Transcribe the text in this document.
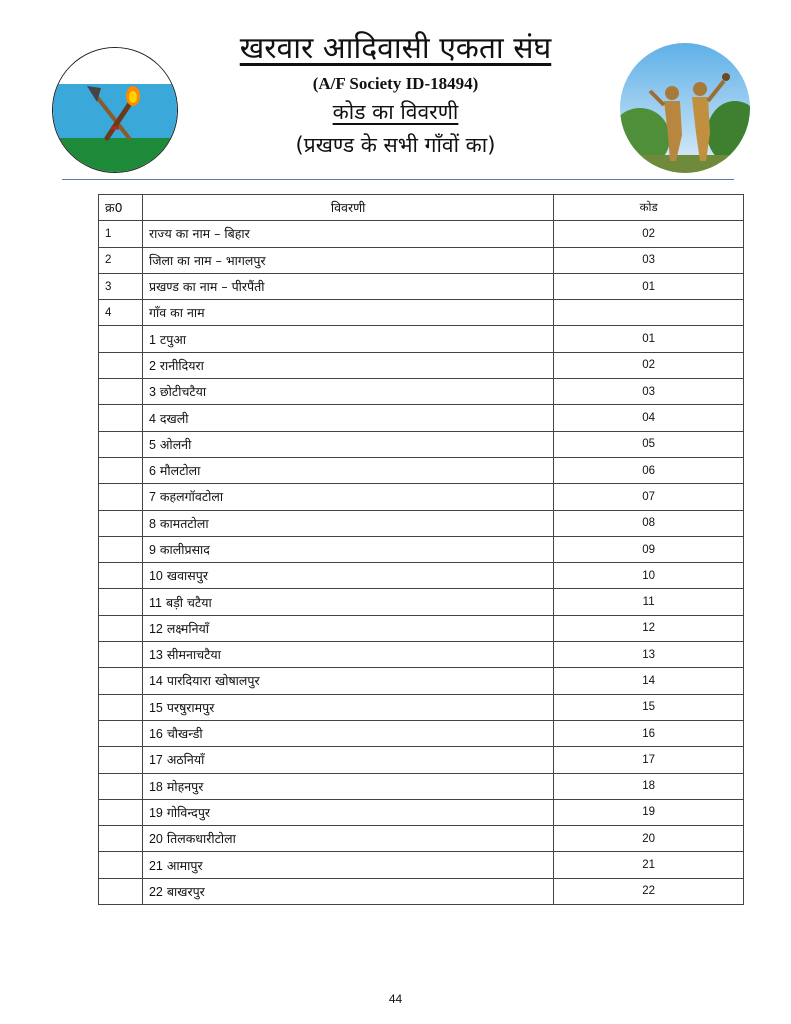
खरवार आदिवासी एकता संघ
(A/F Society ID-18494)
कोड का विवरणी
(प्रखण्ड के सभी गाँवों का)
क्र0	विवरणी	कोड
1	राज्य का नाम – बिहार	02
2	जिला का नाम – भागलपुर	03
3	प्रखण्ड का नाम – पीरपैंती	01
4	गाँव का नाम	
	1 टपुआ	01
	2 रानीदियरा	02
	3 छोटीचटैया	03
	4 दखली	04
	5 ओलनी	05
	6 मौलटोला	06
	7 कहलगॉवटोला	07
	8 कामतटोला	08
	9 कालीप्रसाद	09
	10 खवासपुर	10
	11 बड़ी चटैया	11
	12 लक्ष्मनियाँ	12
	13 सीमनाचटैया	13
	14 पारदियारा खोषालपुर	14
	15 परषुरामपुर	15
	16 चौखन्डी	16
	17 अठनियाँ	17
	18 मोहनपुर	18
	19 गोविन्दपुर	19
	20 तिलकधारीटोला	20
	21 आमापुर	21
	22 बाखरपुर	22
44
